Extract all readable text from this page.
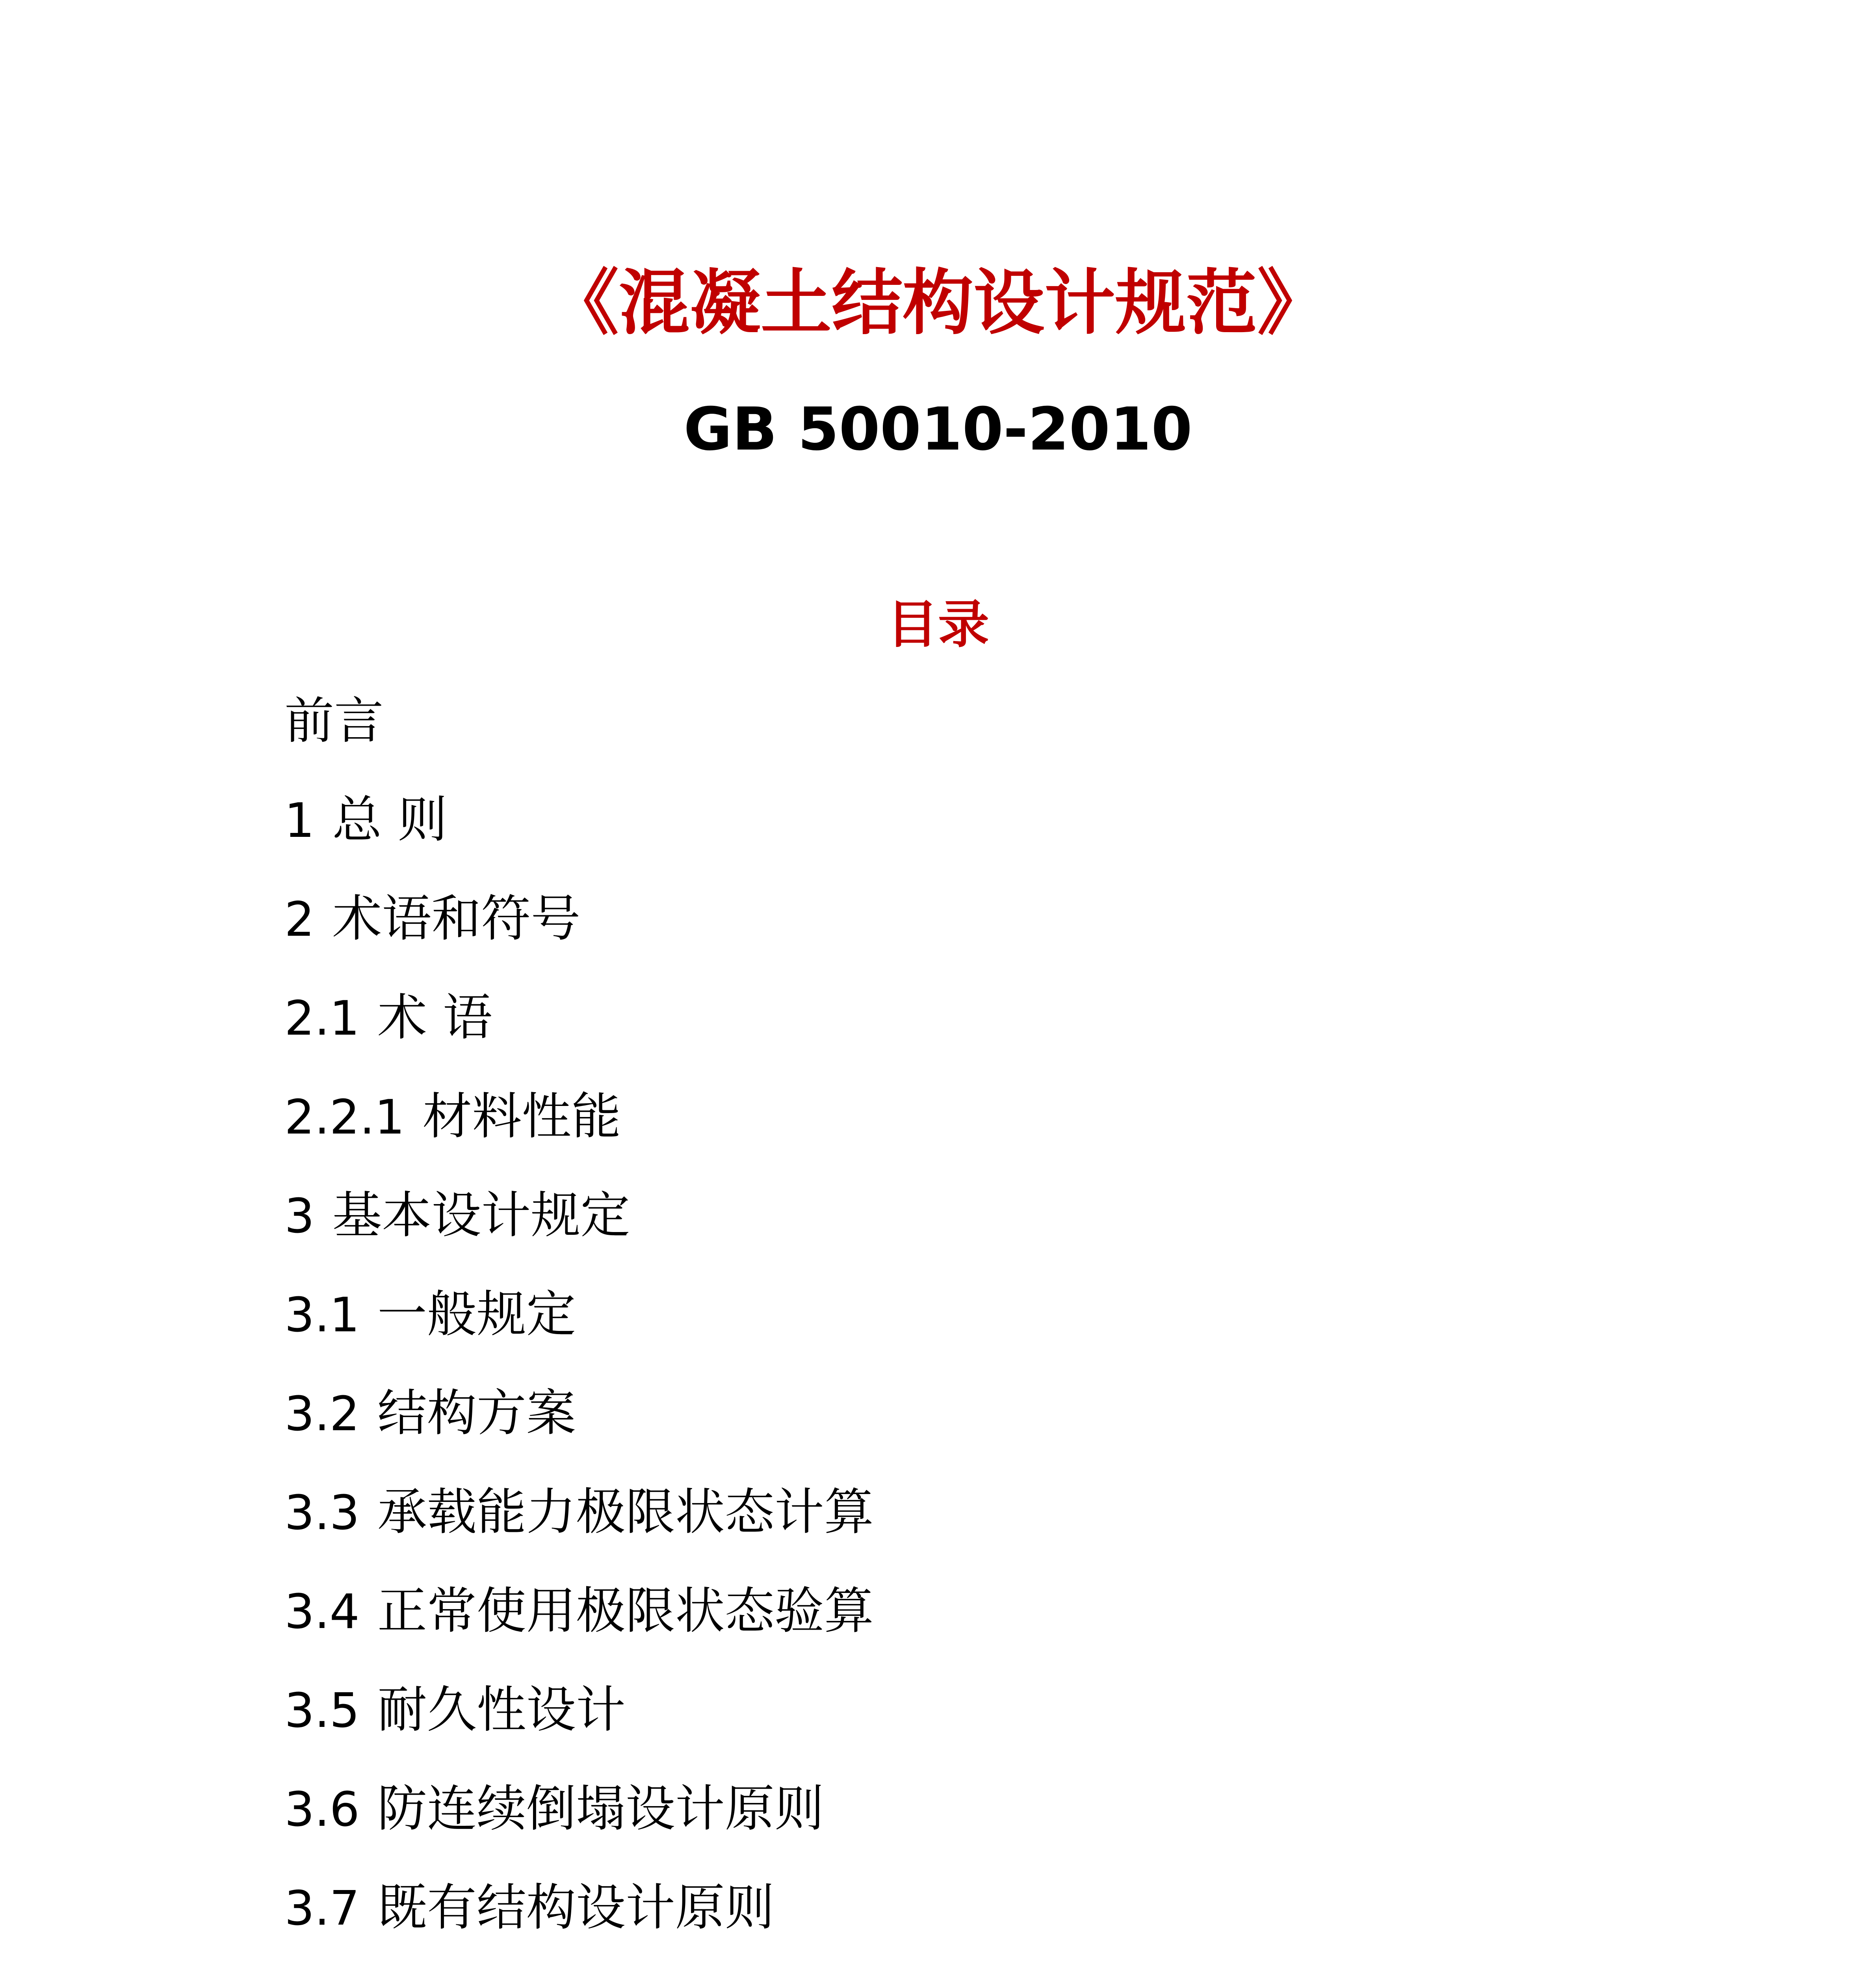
《混凝土结构设计规范》
GB 50010-2010
目录
前言
1 总 则
2 术语和符号
2.1 术 语
2.2.1 材料性能
3 基本设计规定
3.1 一般规定
3.2 结构方案
3.3 承载能力极限状态计算
3.4 正常使用极限状态验算
3.5 耐久性设计
3.6 防连续倒塌设计原则
3.7 既有结构设计原则
